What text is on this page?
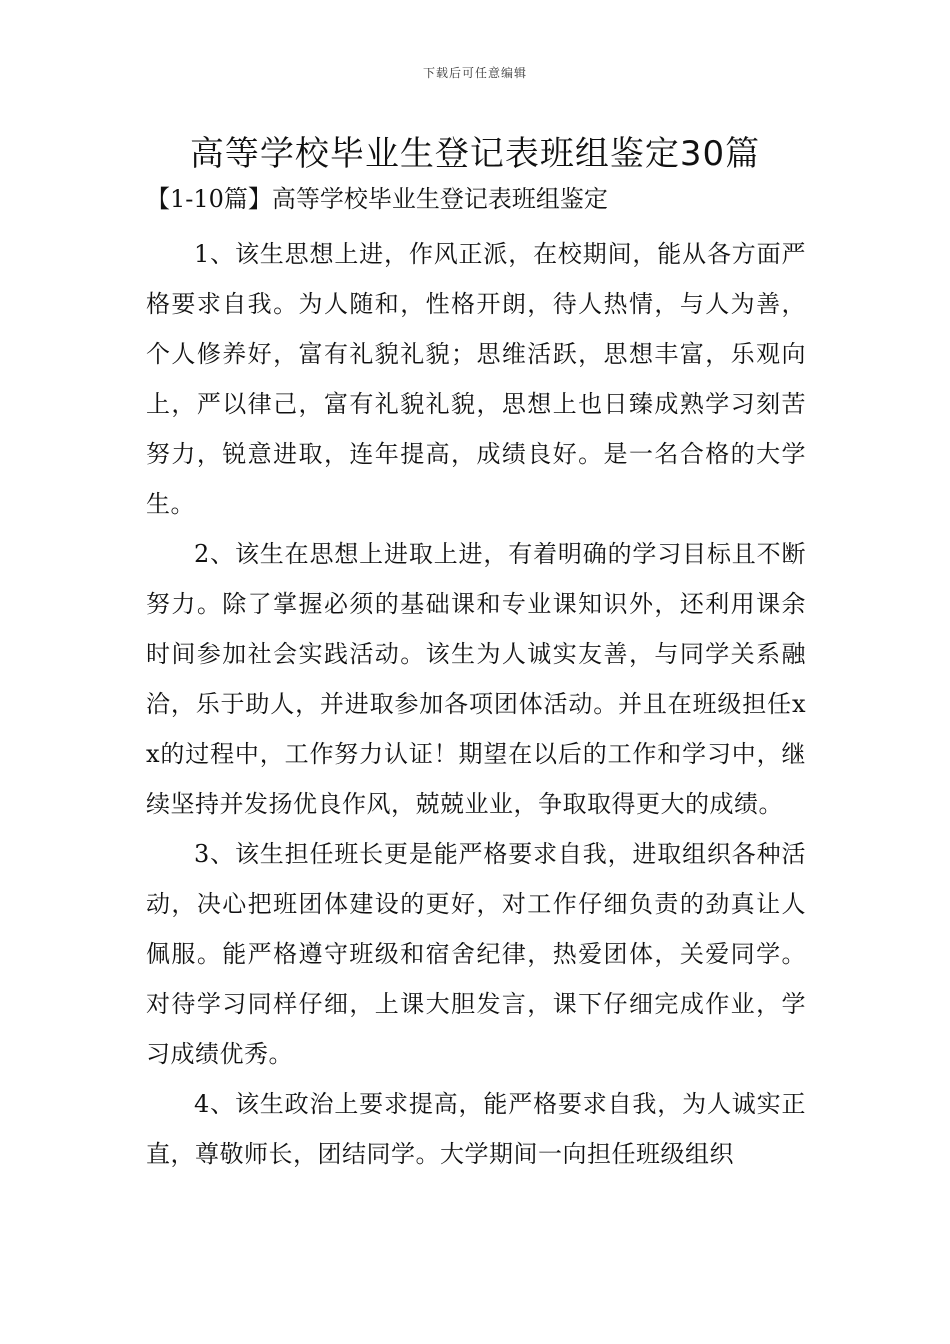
下载后可任意编辑
高等学校毕业生登记表班组鉴定30篇
【1-10篇】高等学校毕业生登记表班组鉴定

1、该生思想上进，作风正派，在校期间，能从各方面严格要求自我。为人随和，性格开朗，待人热情，与人为善，个人修养好，富有礼貌礼貌；思维活跃，思想丰富，乐观向上，严以律己，富有礼貌礼貌，思想上也日臻成熟学习刻苦努力，锐意进取，连年提高，成绩良好。是一名合格的大学生。

2、该生在思想上进取上进，有着明确的学习目标且不断努力。除了掌握必须的基础课和专业课知识外，还利用课余时间参加社会实践活动。该生为人诚实友善，与同学关系融洽，乐于助人，并进取参加各项团体活动。并且在班级担任xx的过程中，工作努力认证！期望在以后的工作和学习中，继续坚持并发扬优良作风，兢兢业业，争取取得更大的成绩。

3、该生担任班长更是能严格要求自我，进取组织各种活动，决心把班团体建设的更好，对工作仔细负责的劲真让人佩服。能严格遵守班级和宿舍纪律，热爱团体，关爱同学。对待学习同样仔细，上课大胆发言，课下仔细完成作业，学习成绩优秀。

4、该生政治上要求提高，能严格要求自我，为人诚实正直，尊敬师长，团结同学。大学期间一向担任班级组织
